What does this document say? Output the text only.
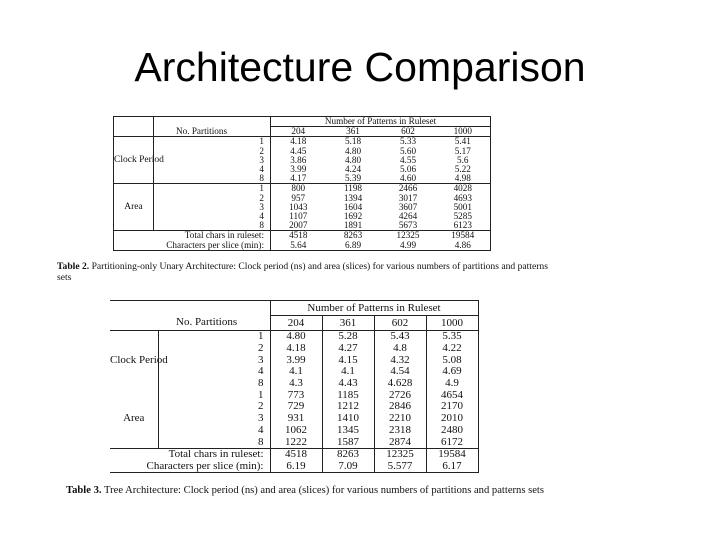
Architecture Comparison
		Number of Patterns in Ruleset			
	No. Partitions	204	361	602	1000
Clock Period	1	4.18	5.18	5.33	5.41
	2	4.45	4.80	5.60	5.17
	3	3.86	4.80	4.55	5.6
	4	3.99	4.24	5.06	5.22
	8	4.17	5.39	4.60	4.98
Area	1	800	1198	2466	4028
	2	957	1394	3017	4693
	3	1043	1604	3607	5001
	4	1107	1692	4264	5285
	8	2007	1891	5673	6123
Total chars in ruleset:		4518	8263	12325	19584
Characters per slice (min):		5.64	6.89	4.99	4.86
Table 2. Partitioning-only Unary Architecture: Clock period (ns) and area (slices) for various numbers of partitions and patterns sets
		Number of Patterns in Ruleset			
	No. Partitions	204	361	602	1000
Clock Period	1	4.80	5.28	5.43	5.35
	2	4.18	4.27	4.8	4.22
	3	3.99	4.15	4.32	5.08
	4	4.1	4.1	4.54	4.69
	8	4.3	4.43	4.628	4.9
Area	1	773	1185	2726	4654
	2	729	1212	2846	2170
	3	931	1410	2210	2010
	4	1062	1345	2318	2480
	8	1222	1587	2874	6172
Total chars in ruleset:		4518	8263	12325	19584
Characters per slice (min):		6.19	7.09	5.577	6.17
Table 3. Tree Architecture: Clock period (ns) and area (slices) for various numbers of partitions and patterns sets
